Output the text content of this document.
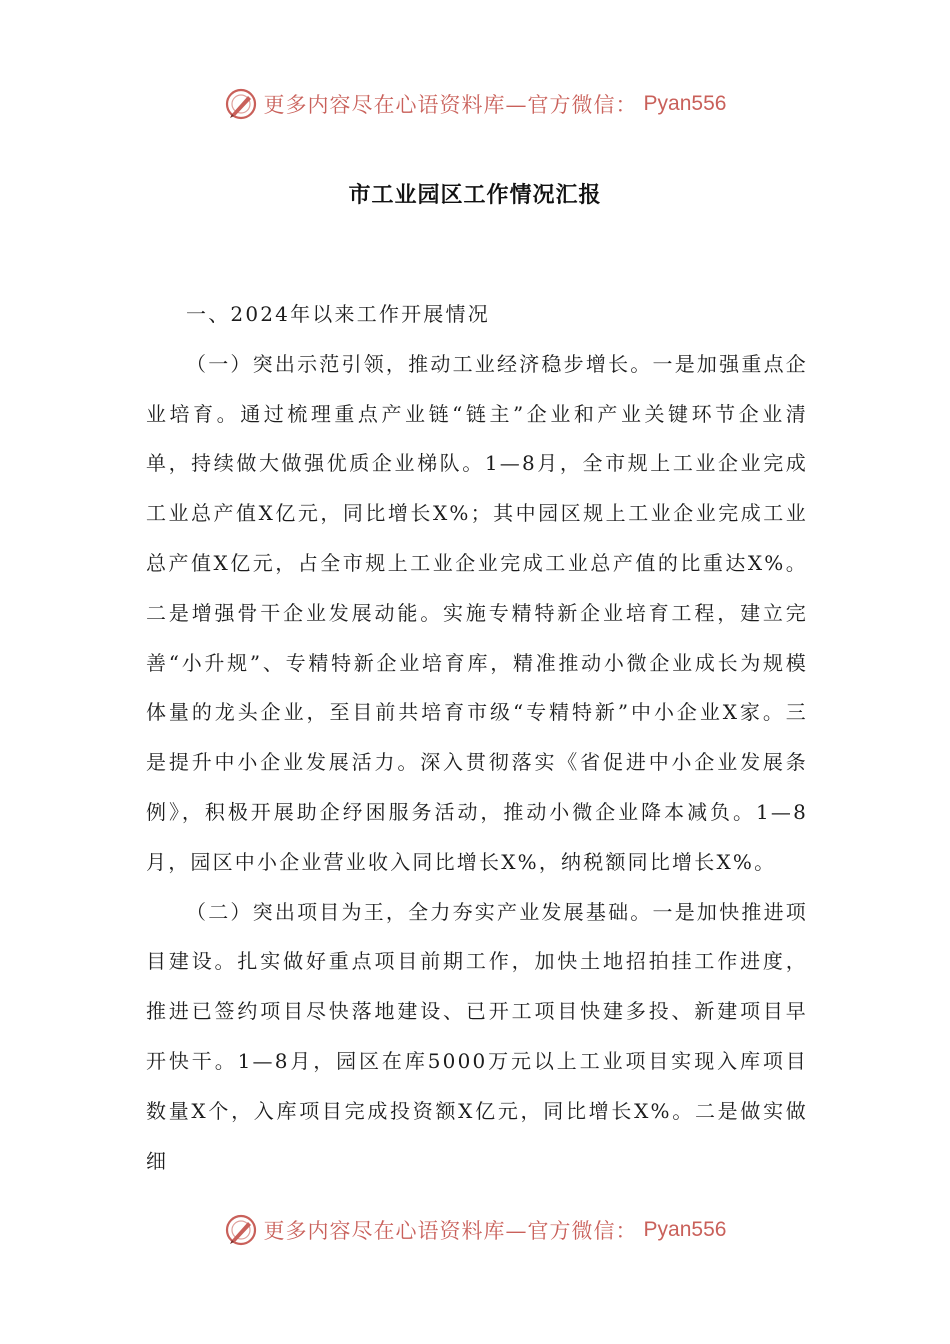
更多内容尽在心语资料库—官方微信： Pyan556
市工业园区工作情况汇报

一、2024年以来工作开展情况

（一）突出示范引领，推动工业经济稳步增长。一是加强重点企业培育。通过梳理重点产业链“链主”企业和产业关键环节企业清单，持续做大做强优质企业梯队。1—8月，全市规上工业企业完成工业总产值X亿元，同比增长X%；其中园区规上工业企业完成工业总产值X亿元，占全市规上工业企业完成工业总产值的比重达X%。二是增强骨干企业发展动能。实施专精特新企业培育工程，建立完善“小升规”、专精特新企业培育库，精准推动小微企业成长为规模体量的龙头企业，至目前共培育市级“专精特新”中小企业X家。三是提升中小企业发展活力。深入贯彻落实《省促进中小企业发展条例》，积极开展助企纾困服务活动，推动小微企业降本减负。1—8月，园区中小企业营业收入同比增长X%，纳税额同比增长X%。

（二）突出项目为王，全力夯实产业发展基础。一是加快推进项目建设。扎实做好重点项目前期工作，加快土地招拍挂工作进度，推进已签约项目尽快落地建设、已开工项目快建多投、新建项目早开快干。1—8月，园区在库5000万元以上工业项目实现入库项目数量X个，入库项目完成投资额X亿元，同比增长X%。二是做实做细

更多内容尽在心语资料库—官方微信： Pyan556
